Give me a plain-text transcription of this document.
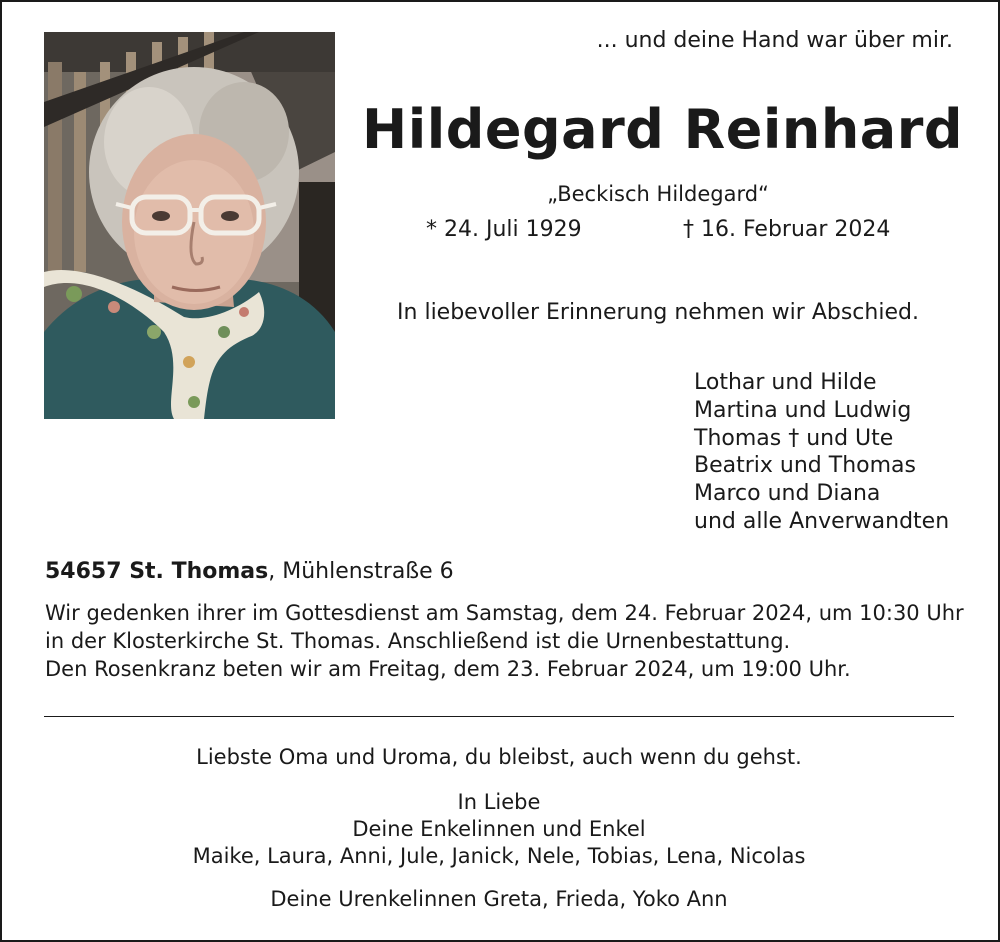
... und deine Hand war über mir.
Hildegard Reinhard
„Beckisch Hildegard“
* 24. Juli 1929	† 16. Februar 2024
In liebevoller Erinnerung nehmen wir Abschied.
Lothar und Hilde
Martina und Ludwig
Thomas † und Ute
Beatrix und Thomas
Marco und Diana
und alle Anverwandten
54657 St. Thomas, Mühlenstraße 6
Wir gedenken ihrer im Gottesdienst am Samstag, dem 24. Februar 2024, um 10:30 Uhr
in der Klosterkirche St. Thomas. Anschließend ist die Urnenbestattung.
Den Rosenkranz beten wir am Freitag, dem 23. Februar 2024, um 19:00 Uhr.
Liebste Oma und Uroma, du bleibst, auch wenn du gehst.
In Liebe
Deine Enkelinnen und Enkel
Maike, Laura, Anni, Jule, Janick, Nele, Tobias, Lena, Nicolas
Deine Urenkelinnen Greta, Frieda, Yoko Ann
